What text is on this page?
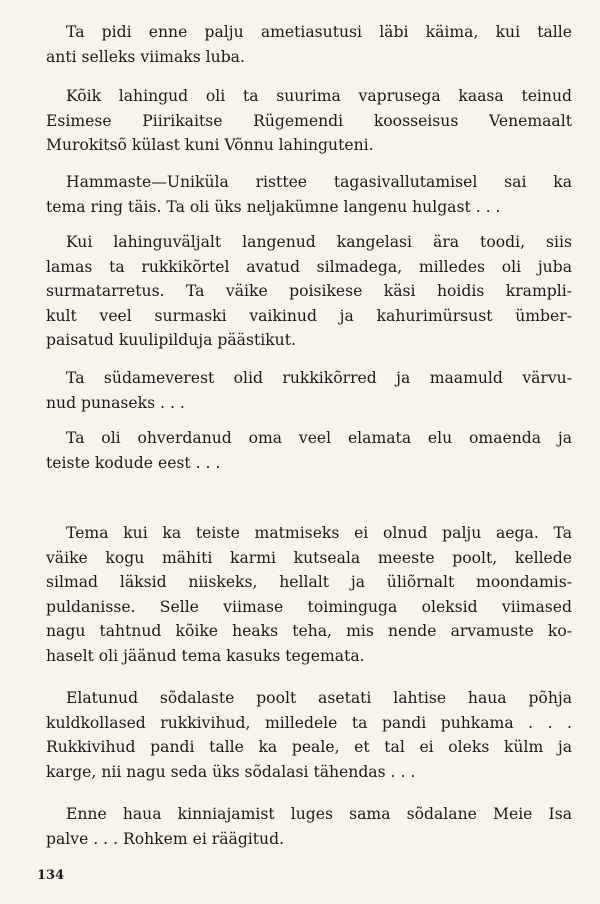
Ta pidi enne palju ametiasutusi läbi käima, kui talle
anti selleks viimaks luba.
Kõik lahingud oli ta suurima vaprusega kaasa teinud
Esimese Piirikaitse Rügemendi koosseisus Venemaalt
Murokitsõ külast kuni Võnnu lahinguteni.
Hammaste—Uniküla risttee tagasivallutamisel sai ka
tema ring täis. Ta oli üks neljakümne langenu hulgast . . .
Kui lahinguväljalt langenud kangelasi ära toodi, siis
lamas ta rukkikõrtel avatud silmadega, milledes oli juba
surmatarretus. Ta väike poisikese käsi hoidis krampli-
kult veel surmaski vaikinud ja kahurimürsust ümber-
paisatud kuulipilduja päästikut.
Ta südameverest olid rukkikõrred ja maamuld värvu-
nud punaseks . . .
Ta oli ohverdanud oma veel elamata elu omaenda ja
teiste kodude eest . . .
Tema kui ka teiste matmiseks ei olnud palju aega. Ta
väike kogu mähiti karmi kutseala meeste poolt, kellede
silmad läksid niiskeks, hellalt ja üliõrnalt moondamis-
puldanisse. Selle viimase toiminguga oleksid viimased
nagu tahtnud kõike heaks teha, mis nende arvamuste ko-
haselt oli jäänud tema kasuks tegemata.
Elatunud sõdalaste poolt asetati lahtise haua põhja
kuldkollased rukkivihud, milledele ta pandi puhkama . . .
Rukkivihud pandi talle ka peale, et tal ei oleks külm ja
karge, nii nagu seda üks sõdalasi tähendas . . .
Enne haua kinniajamist luges sama sõdalane Meie Isa
palve . . . Rohkem ei räägitud.
134
